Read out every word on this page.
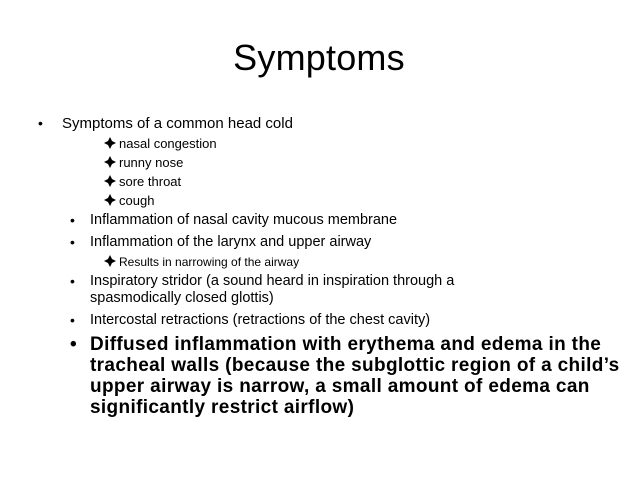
Symptoms
• Symptoms of a common head cold
nasal congestion
runny nose
sore throat
cough
• Inflammation of nasal cavity mucous membrane
• Inflammation of the larynx and upper airway
Results in narrowing of the airway
• Inspiratory stridor (a sound heard in inspiration through a
spasmodically closed glottis)
• Intercostal retractions (retractions of the chest cavity)
• Diffused inflammation with erythema and edema in the
tracheal walls (because the subglottic region of a child’s
upper airway is narrow, a small amount of edema can
significantly restrict airflow)
